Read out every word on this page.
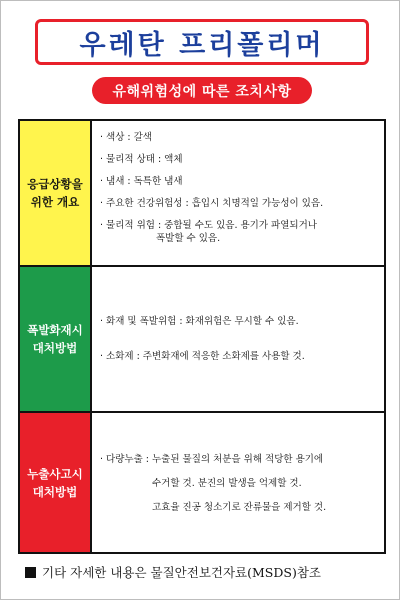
우레탄 프리폴리머
유해위험성에 따른 조치사항
응급상황을
위한 개요
· 색상 : 갈색
· 물리적 상태 : 액체
· 냄새 : 독특한 냄새
· 주요한 건강위험성 : 흡입시 치명적일 가능성이 있음.
· 물리적 위험 : 중합될 수도 있음. 용기가 파열되거나
폭발할 수 있음.
폭발화재시
대처방법
· 화재 및 폭발위험 : 화재위험은 무시할 수 있음.
· 소화제 : 주변화재에 적응한 소화제를 사용할 것.
누출사고시
대처방법
· 다량누출 : 누출된 물질의 처분을 위해 적당한 용기에
수거할 것. 분진의 발생을 억제할 것.
고효율 진공 청소기로 잔류물을 제거할 것.
기타 자세한 내용은 물질안전보건자료(MSDS)참조
